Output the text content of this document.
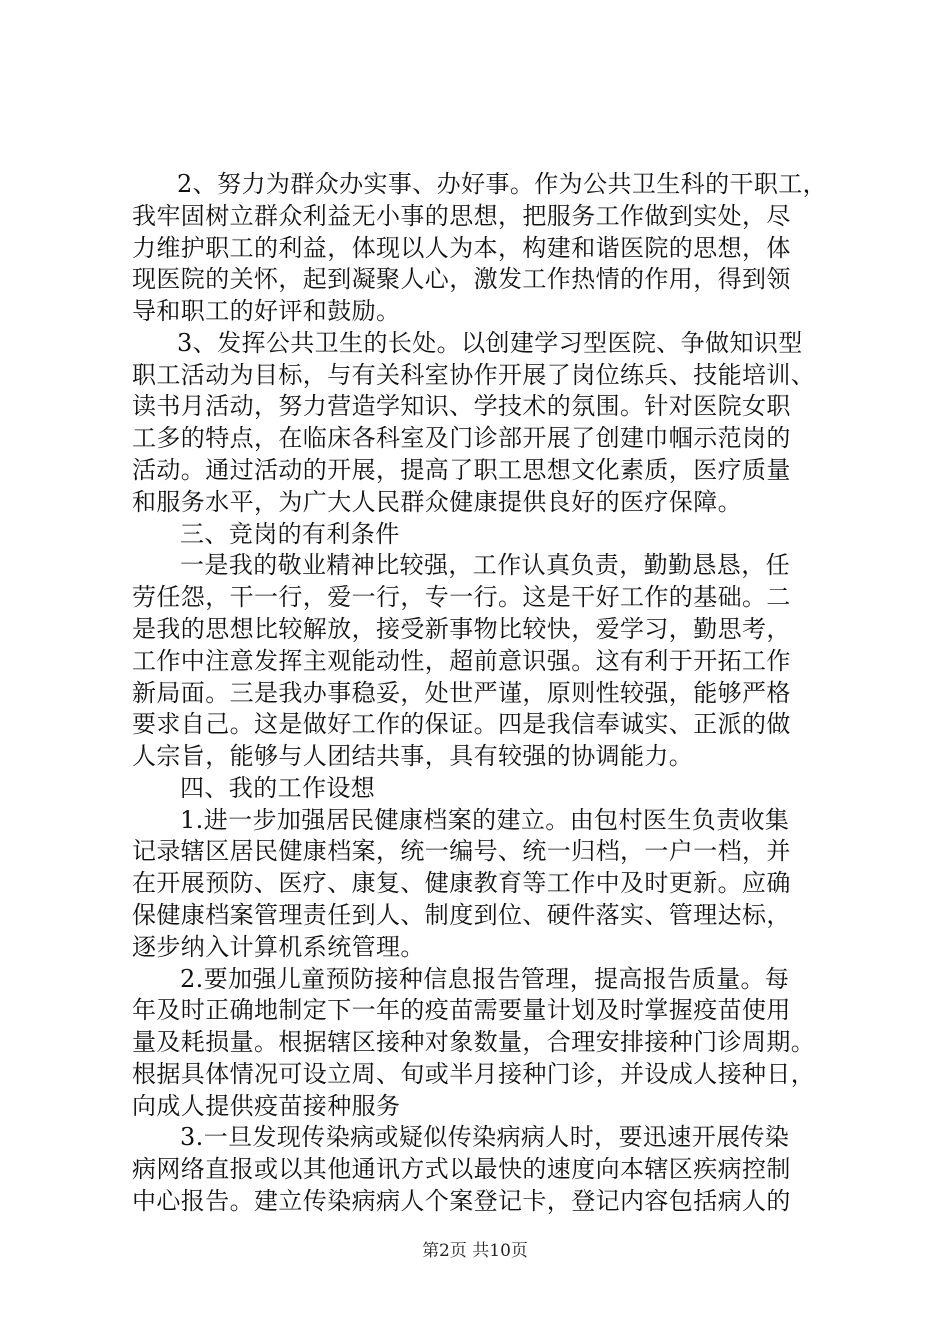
2、努力为群众办实事、办好事。作为公共卫生科的干职工，
我牢固树立群众利益无小事的思想，把服务工作做到实处，尽
力维护职工的利益，体现以人为本，构建和谐医院的思想，体
现医院的关怀，起到凝聚人心，激发工作热情的作用，得到领
导和职工的好评和鼓励。
3、发挥公共卫生的长处。以创建学习型医院、争做知识型
职工活动为目标，与有关科室协作开展了岗位练兵、技能培训、
读书月活动，努力营造学知识、学技术的氛围。针对医院女职
工多的特点，在临床各科室及门诊部开展了创建巾帼示范岗的
活动。通过活动的开展，提高了职工思想文化素质，医疗质量
和服务水平，为广大人民群众健康提供良好的医疗保障。
三、竞岗的有利条件
一是我的敬业精神比较强，工作认真负责，勤勤恳恳，任
劳任怨，干一行，爱一行，专一行。这是干好工作的基础。二
是我的思想比较解放，接受新事物比较快，爱学习，勤思考，
工作中注意发挥主观能动性，超前意识强。这有利于开拓工作
新局面。三是我办事稳妥，处世严谨，原则性较强，能够严格
要求自己。这是做好工作的保证。四是我信奉诚实、正派的做
人宗旨，能够与人团结共事，具有较强的协调能力。
四、我的工作设想
1.进一步加强居民健康档案的建立。由包村医生负责收集
记录辖区居民健康档案，统一编号、统一归档，一户一档，并
在开展预防、医疗、康复、健康教育等工作中及时更新。应确
保健康档案管理责任到人、制度到位、硬件落实、管理达标，
逐步纳入计算机系统管理。
2.要加强儿童预防接种信息报告管理，提高报告质量。每
年及时正确地制定下一年的疫苗需要量计划及时掌握疫苗使用
量及耗损量。根据辖区接种对象数量，合理安排接种门诊周期。
根据具体情况可设立周、旬或半月接种门诊，并设成人接种日，
向成人提供疫苗接种服务
3.一旦发现传染病或疑似传染病病人时，要迅速开展传染
病网络直报或以其他通讯方式以最快的速度向本辖区疾病控制
中心报告。建立传染病病人个案登记卡，登记内容包括病人的
第2页 共10页
